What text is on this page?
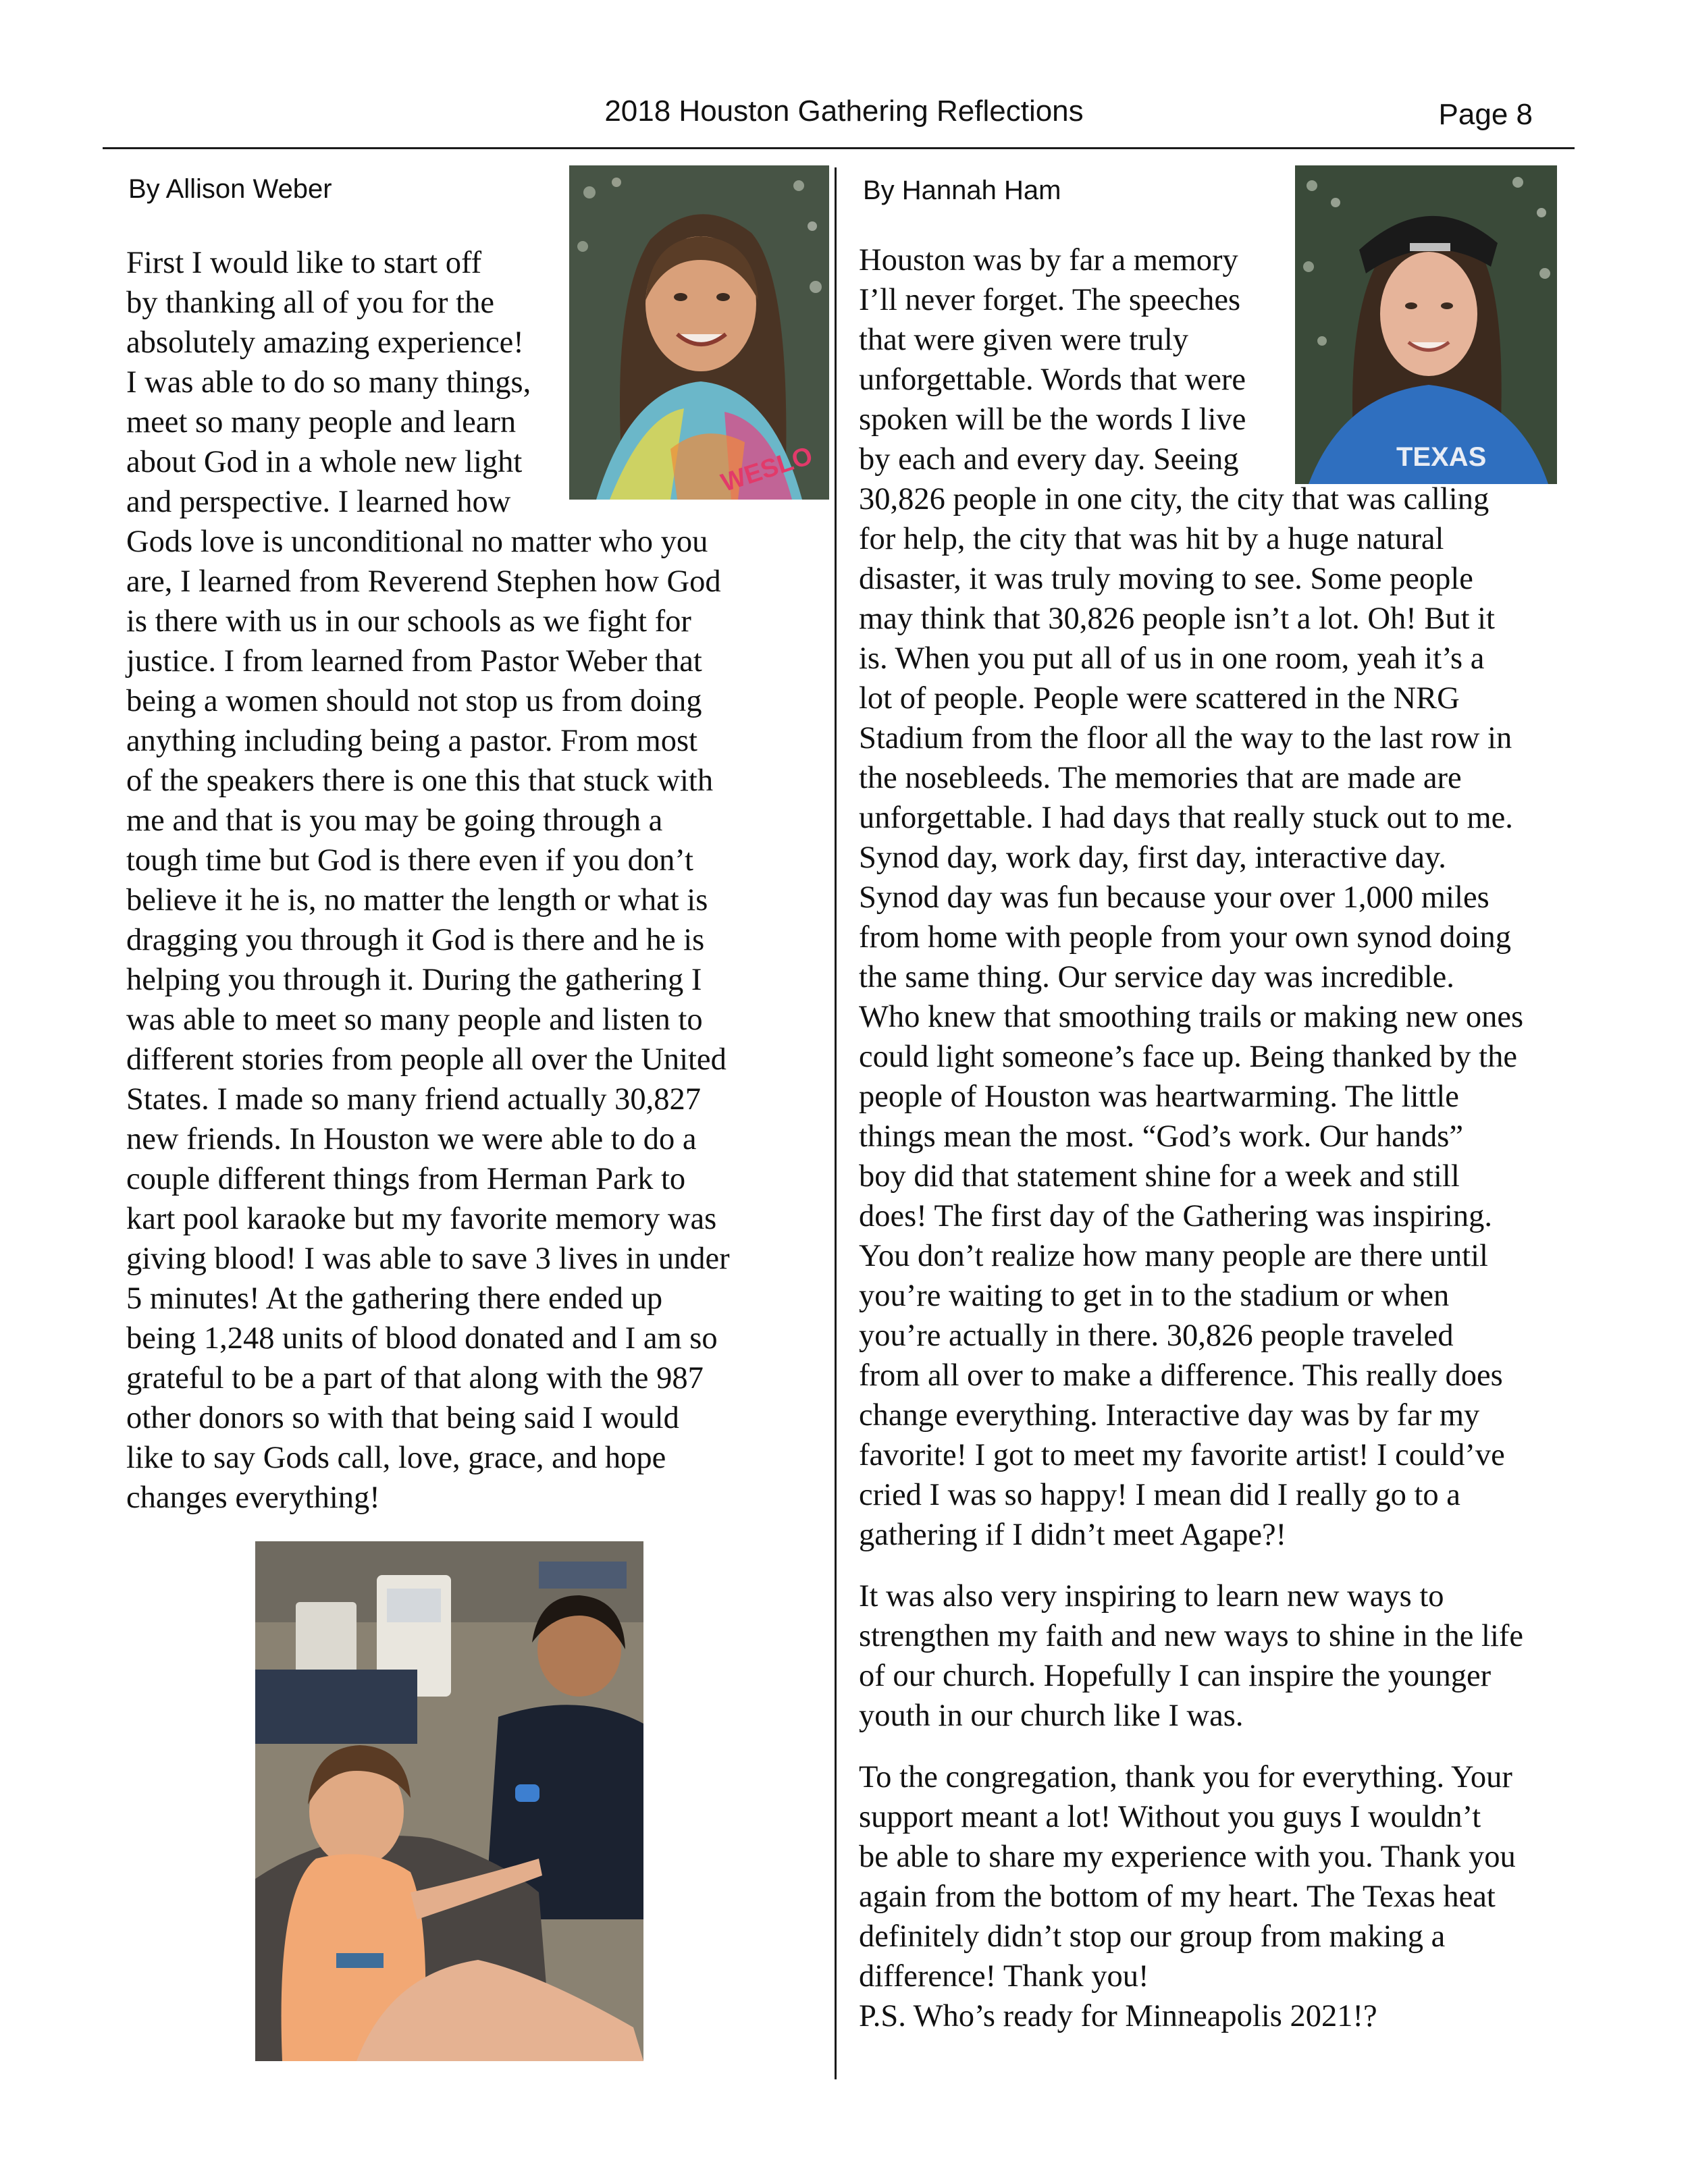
2018 Houston Gathering Reflections	Page 8
By Allison Weber
WESLO
First I would like to start off
by thanking all of you for the
absolutely amazing experience!
I was able to do so many things,
meet so many people and learn
about God in a whole new light
and perspective. I learned how
Gods love is unconditional no matter who you
are, I learned from Reverend Stephen how God
is there with us in our schools as we fight for
justice. I from learned from Pastor Weber that
being a women should not stop us from doing
anything including being a pastor. From most
of the speakers there is one this that stuck with
me and that is you may be going through a
tough time but God is there even if you don’t
believe it he is, no matter the length or what is
dragging you through it God is there and he is
helping you through it. During the gathering I
was able to meet so many people and listen to
different stories from people all over the United
States. I made so many friend actually 30,827
new friends. In Houston we were able to do a
couple different things from Herman Park to
kart pool karaoke but my favorite memory was
giving blood! I was able to save 3 lives in under
5 minutes! At the gathering there ended up
being 1,248 units of blood donated and I am so
grateful to be a part of that along with the 987
other donors so with that being said I would
like to say Gods call, love, grace, and hope
changes everything!
By Hannah Ham
TEXAS
Houston was by far a memory
I’ll never forget. The speeches
that were given were truly
unforgettable. Words that were
spoken will be the words I live
by each and every day. Seeing
30,826 people in one city, the city that was calling
for help, the city that was hit by a huge natural
disaster, it was truly moving to see. Some people
may think that 30,826 people isn’t a lot. Oh! But it
is. When you put all of us in one room, yeah it’s a
lot of people. People were scattered in the NRG
Stadium from the floor all the way to the last row in
the nosebleeds. The memories that are made are
unforgettable. I had days that really stuck out to me.
Synod day, work day, first day, interactive day.
Synod day was fun because your over 1,000 miles
from home with people from your own synod doing
the same thing. Our service day was incredible.
Who knew that smoothing trails or making new ones
could light someone’s face up. Being thanked by the
people of Houston was heartwarming. The little
things mean the most. “God’s work. Our hands”
boy did that statement shine for a week and still
does! The first day of the Gathering was inspiring.
You don’t realize how many people are there until
you’re waiting to get in to the stadium or when
you’re actually in there. 30,826 people traveled
from all over to make a difference. This really does
change everything. Interactive day was by far my
favorite! I got to meet my favorite artist! I could’ve
cried I was so happy! I mean did I really go to a
gathering if I didn’t meet Agape?!
It was also very inspiring to learn new ways to
strengthen my faith and new ways to shine in the life
of our church. Hopefully I can inspire the younger
youth in our church like I was.
To the congregation, thank you for everything. Your
support meant a lot! Without you guys I wouldn’t
be able to share my experience with you. Thank you
again from the bottom of my heart. The Texas heat
definitely didn’t stop our group from making a
difference! Thank you!
P.S. Who’s ready for Minneapolis 2021!?
